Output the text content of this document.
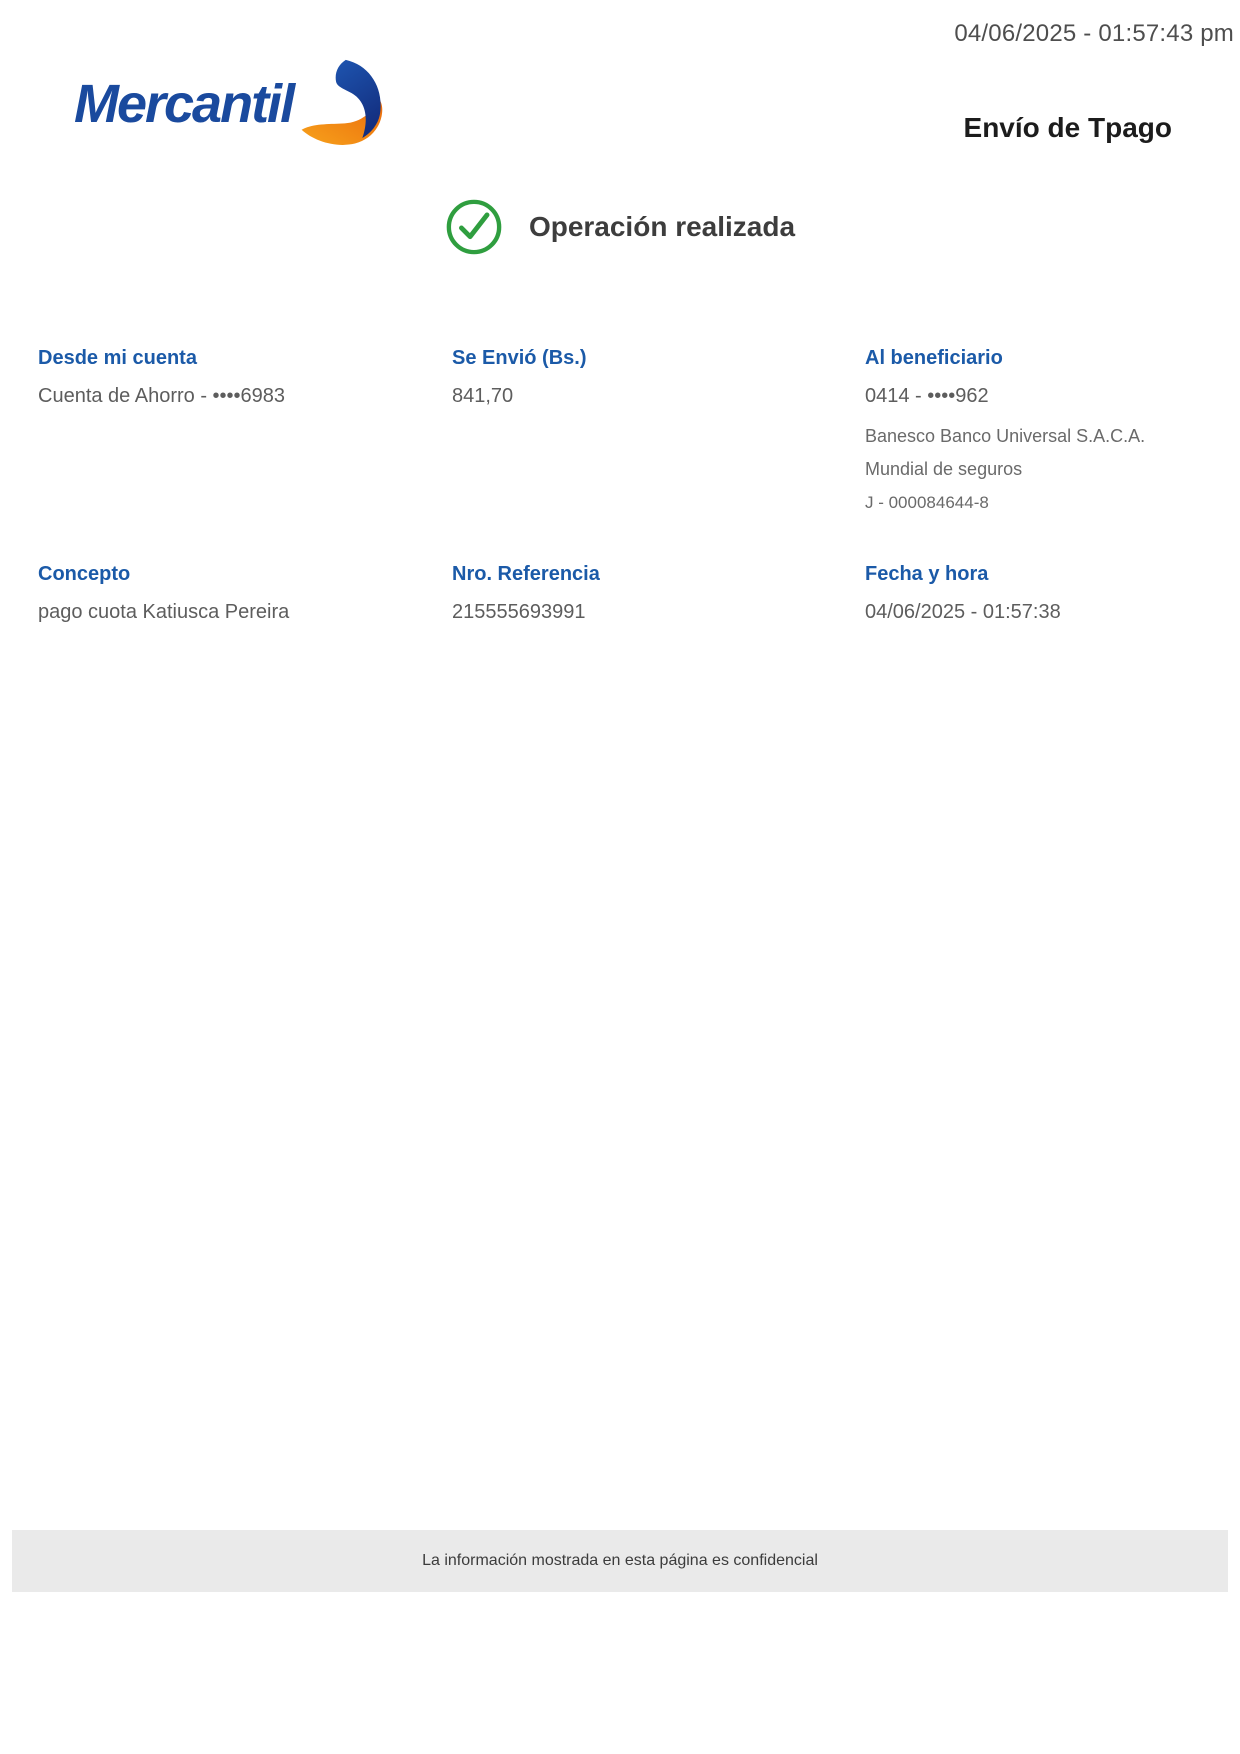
04/06/2025 - 01:57:43 pm
Mercantil	Envío de Tpago
Operación realizada
Desde mi cuenta
Cuenta de Ahorro - ••••6983
Se Envió (Bs.)
841,70
Al beneficiario
0414 - ••••962
Banesco Banco Universal S.A.C.A.
Mundial de seguros
J - 000084644-8
Concepto
pago cuota Katiusca Pereira
Nro. Referencia
215555693991
Fecha y hora
04/06/2025 - 01:57:38
La información mostrada en esta página es confidencial
